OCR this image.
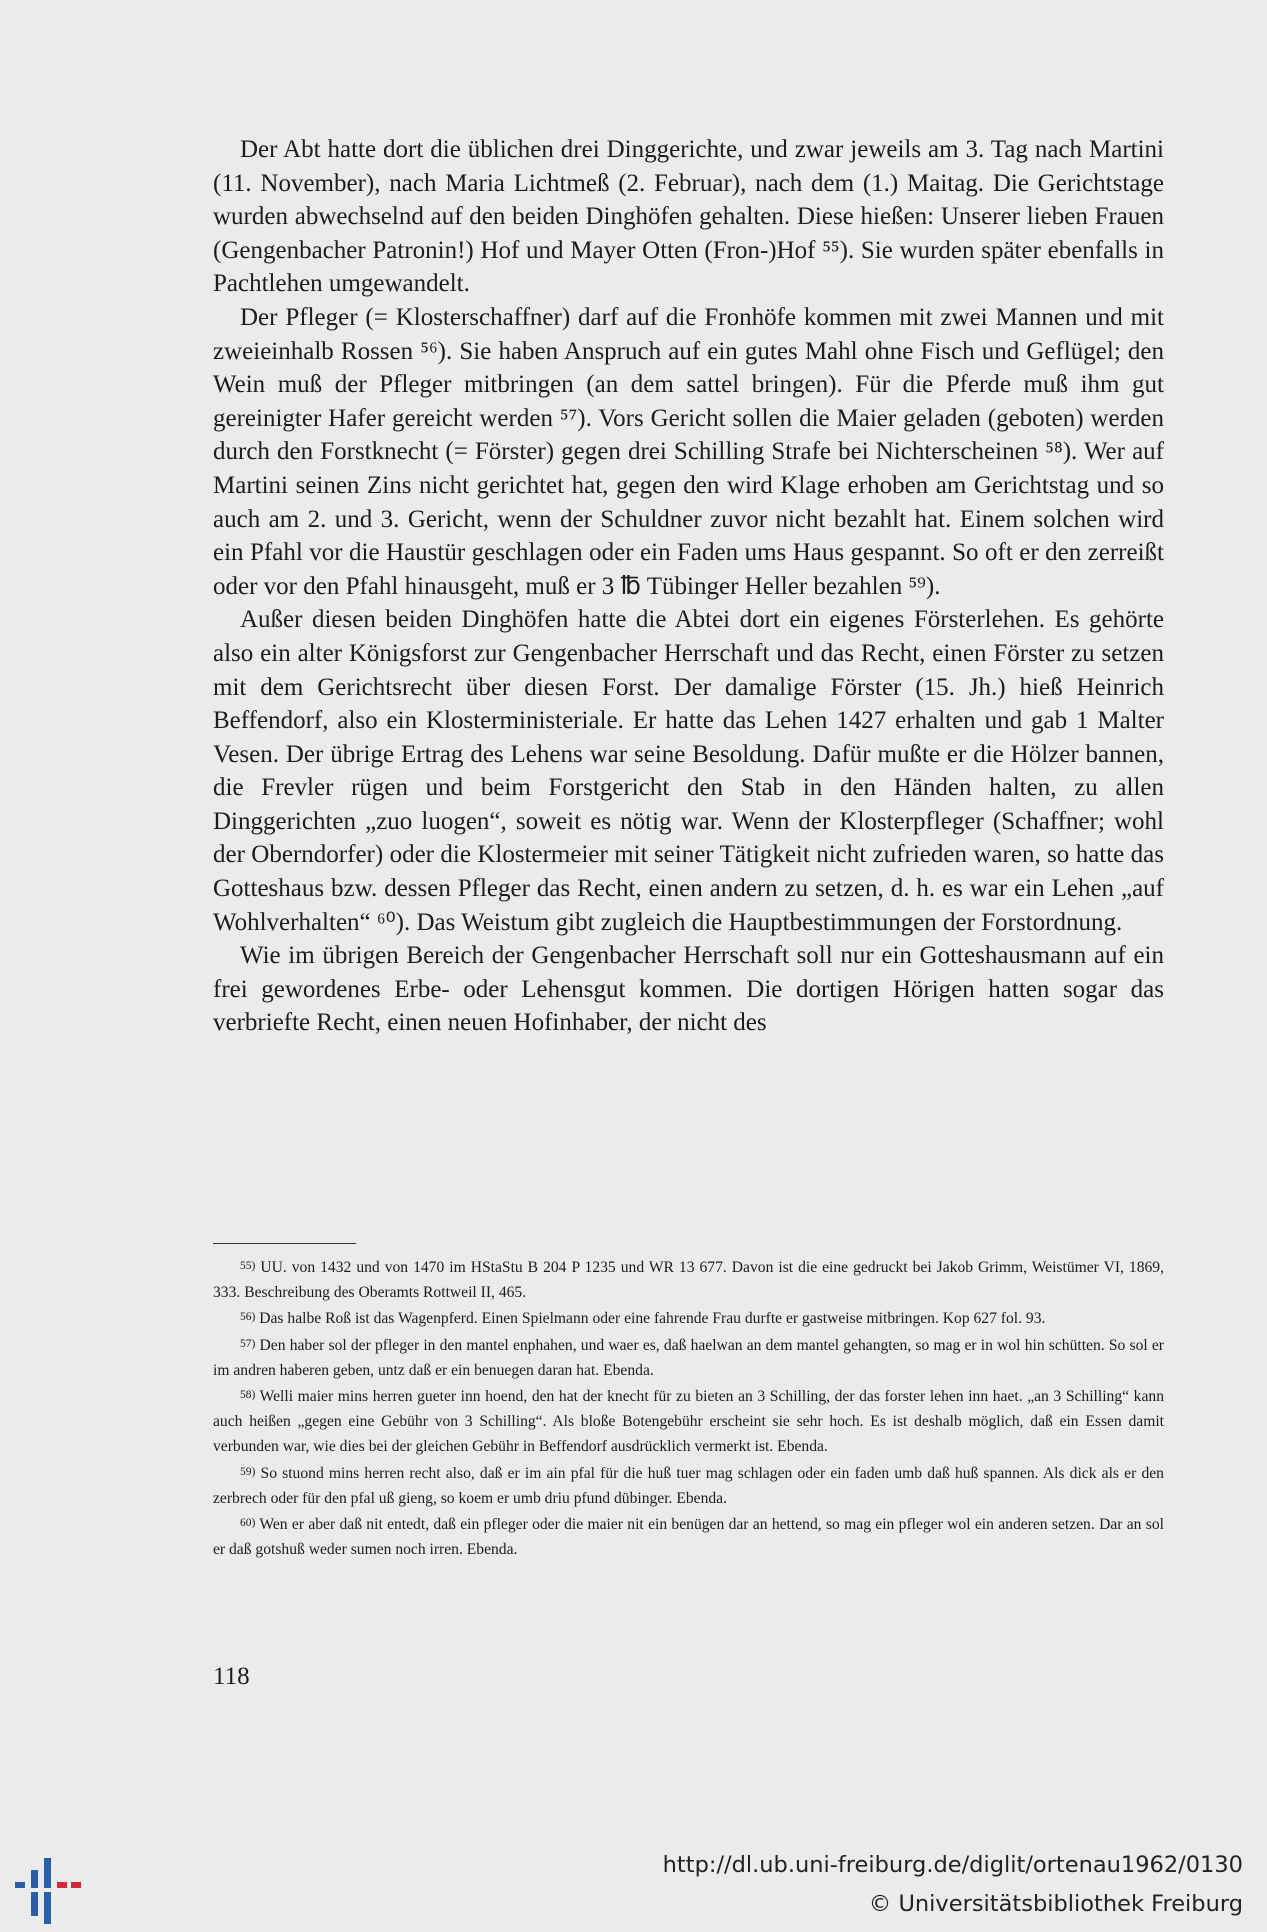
Der Abt hatte dort die üblichen drei Dinggerichte, und zwar jeweils am 3. Tag nach Martini (11. November), nach Maria Lichtmeß (2. Februar), nach dem (1.) Maitag. Die Gerichtstage wurden abwechselnd auf den beiden Dinghöfen gehalten. Diese hießen: Unserer lieben Frauen (Gengenbacher Patronin!) Hof und Mayer Otten (Fron-)Hof ⁵⁵). Sie wurden später ebenfalls in Pachtlehen umgewandelt.

Der Pfleger (= Klosterschaffner) darf auf die Fronhöfe kommen mit zwei Mannen und mit zweieinhalb Rossen ⁵⁶). Sie haben Anspruch auf ein gutes Mahl ohne Fisch und Geflügel; den Wein muß der Pfleger mitbringen (an dem sattel bringen). Für die Pferde muß ihm gut gereinigter Hafer gereicht werden ⁵⁷). Vors Gericht sollen die Maier geladen (geboten) werden durch den Forstknecht (= Förster) gegen drei Schilling Strafe bei Nichterscheinen ⁵⁸). Wer auf Martini seinen Zins nicht gerichtet hat, gegen den wird Klage erhoben am Gerichtstag und so auch am 2. und 3. Gericht, wenn der Schuldner zuvor nicht bezahlt hat. Einem solchen wird ein Pfahl vor die Haustür geschlagen oder ein Faden ums Haus gespannt. So oft er den zerreißt oder vor den Pfahl hinausgeht, muß er 3 ℔ Tübinger Heller bezahlen ⁵⁹).

Außer diesen beiden Dinghöfen hatte die Abtei dort ein eigenes Försterlehen. Es gehörte also ein alter Königsforst zur Gengenbacher Herrschaft und das Recht, einen Förster zu setzen mit dem Gerichtsrecht über diesen Forst. Der damalige Förster (15. Jh.) hieß Heinrich Beffendorf, also ein Klosterministeriale. Er hatte das Lehen 1427 erhalten und gab 1 Malter Vesen. Der übrige Ertrag des Lehens war seine Besoldung. Dafür mußte er die Hölzer bannen, die Frevler rügen und beim Forstgericht den Stab in den Händen halten, zu allen Dinggerichten „zuo luogen“, soweit es nötig war. Wenn der Klosterpfleger (Schaffner; wohl der Oberndorfer) oder die Klostermeier mit seiner Tätigkeit nicht zufrieden waren, so hatte das Gotteshaus bzw. dessen Pfleger das Recht, einen andern zu setzen, d. h. es war ein Lehen „auf Wohlverhalten“ ⁶⁰). Das Weistum gibt zugleich die Hauptbestimmungen der Forstordnung.

Wie im übrigen Bereich der Gengenbacher Herrschaft soll nur ein Gotteshausmann auf ein frei gewordenes Erbe- oder Lehensgut kommen. Die dortigen Hörigen hatten sogar das verbriefte Recht, einen neuen Hofinhaber, der nicht des

55) UU. von 1432 und von 1470 im HStaStu B 204 P 1235 und WR 13 677. Davon ist die eine gedruckt bei Jakob Grimm, Weistümer VI, 1869, 333. Beschreibung des Oberamts Rottweil II, 465.

56) Das halbe Roß ist das Wagenpferd. Einen Spielmann oder eine fahrende Frau durfte er gastweise mitbringen. Kop 627 fol. 93.

57) Den haber sol der pfleger in den mantel enphahen, und waer es, daß haelwan an dem mantel gehangten, so mag er in wol hin schütten. So sol er im andren haberen geben, untz daß er ein benuegen daran hat. Ebenda.

58) Welli maier mins herren gueter inn hoend, den hat der knecht für zu bieten an 3 Schilling, der das forster lehen inn haet. „an 3 Schilling“ kann auch heißen „gegen eine Gebühr von 3 Schilling“. Als bloße Botengebühr erscheint sie sehr hoch. Es ist deshalb möglich, daß ein Essen damit verbunden war, wie dies bei der gleichen Gebühr in Beffendorf ausdrücklich vermerkt ist. Ebenda.

59) So stuond mins herren recht also, daß er im ain pfal für die huß tuer mag schlagen oder ein faden umb daß huß spannen. Als dick als er den zerbrech oder für den pfal uß gieng, so koem er umb driu pfund dübinger. Ebenda.

60) Wen er aber daß nit entedt, daß ein pfleger oder die maier nit ein benügen dar an hettend, so mag ein pfleger wol ein anderen setzen. Dar an sol er daß gotshuß weder sumen noch irren. Ebenda.

118
http://dl.ub.uni-freiburg.de/diglit/ortenau1962/0130
© Universitätsbibliothek Freiburg
